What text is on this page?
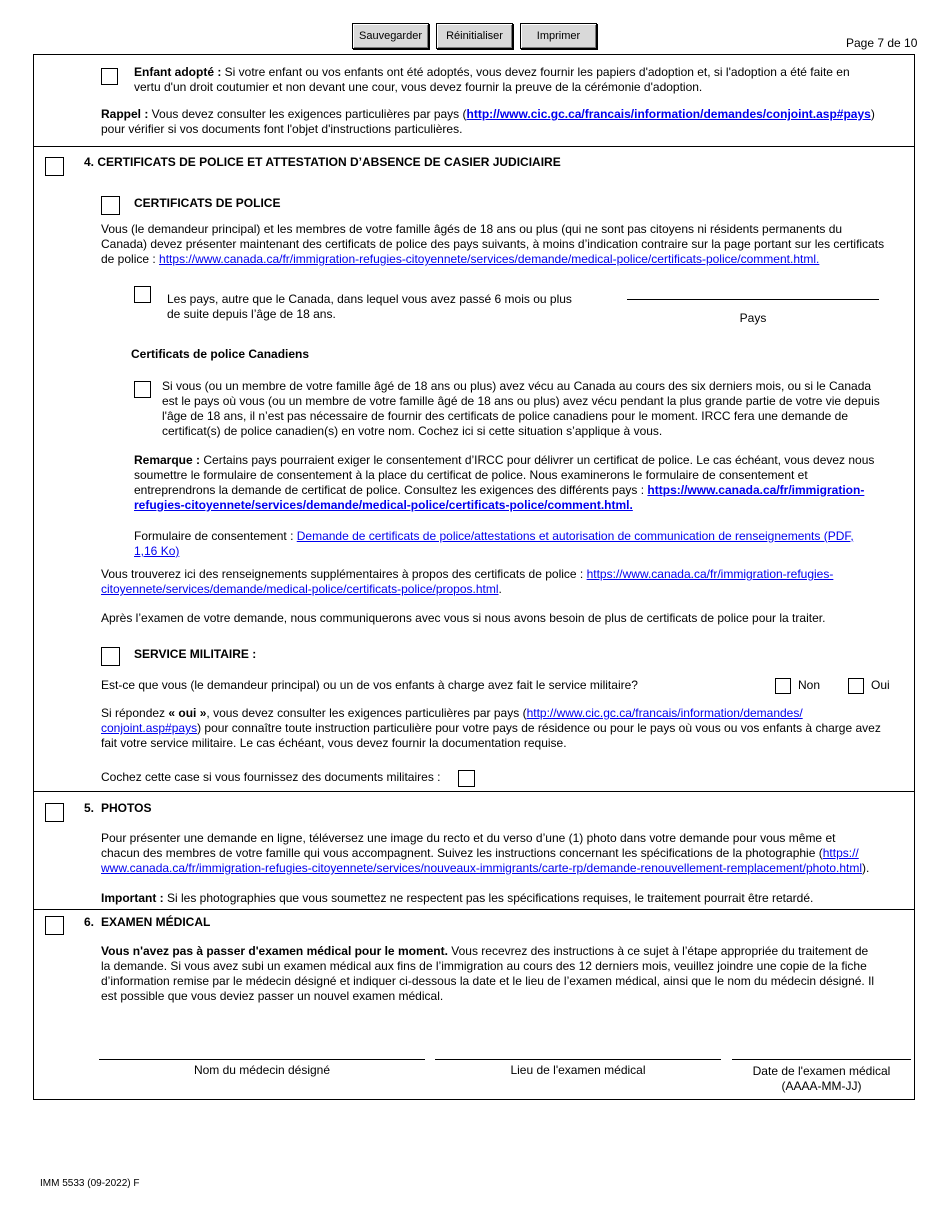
Sauvegarder	Réinitialiser	Imprimer	Page 7 de 10
Enfant adopté : Si votre enfant ou vos enfants ont été adoptés, vous devez fournir les papiers d'adoption et, si l'adoption a été faite en
vertu d'un droit coutumier et non devant une cour, vous devez fournir la preuve de la cérémonie d'adoption.
Rappel : Vous devez consulter les exigences particulières par pays (http://www.cic.gc.ca/francais/information/demandes/conjoint.asp#pays)
pour vérifier si vos documents font l'objet d'instructions particulières.
4. CERTIFICATS DE POLICE ET ATTESTATION D’ABSENCE DE CASIER JUDICIAIRE
CERTIFICATS DE POLICE
Vous (le demandeur principal) et les membres de votre famille âgés de 18 ans ou plus (qui ne sont pas citoyens ni résidents permanents du
Canada) devez présenter maintenant des certificats de police des pays suivants, à moins d’indication contraire sur la page portant sur les certificats
de police : https://www.canada.ca/fr/immigration-refugies-citoyennete/services/demande/medical-police/certificats-police/comment.html.
Les pays, autre que le Canada, dans lequel vous avez passé 6 mois ou plus
de suite depuis l’âge de 18 ans.	Pays
Certificats de police Canadiens
Si vous (ou un membre de votre famille âgé de 18 ans ou plus) avez vécu au Canada au cours des six derniers mois, ou si le Canada
est le pays où vous (ou un membre de votre famille âgé de 18 ans ou plus) avez vécu pendant la plus grande partie de votre vie depuis
l'âge de 18 ans, il n’est pas nécessaire de fournir des certificats de police canadiens pour le moment. IRCC fera une demande de
certificat(s) de police canadien(s) en votre nom. Cochez ici si cette situation s’applique à vous.
Remarque : Certains pays pourraient exiger le consentement d’IRCC pour délivrer un certificat de police. Le cas échéant, vous devez nous
soumettre le formulaire de consentement à la place du certificat de police. Nous examinerons le formulaire de consentement et
entreprendrons la demande de certificat de police. Consultez les exigences des différents pays : https://www.canada.ca/fr/immigration-
refugies-citoyennete/services/demande/medical-police/certificats-police/comment.html.
Formulaire de consentement : Demande de certificats de police/attestations et autorisation de communication de renseignements (PDF,
1,16 Ko)
Vous trouverez ici des renseignements supplémentaires à propos des certificats de police : https://www.canada.ca/fr/immigration-refugies-
citoyennete/services/demande/medical-police/certificats-police/propos.html.
Après l’examen de votre demande, nous communiquerons avec vous si nous avons besoin de plus de certificats de police pour la traiter.
SERVICE MILITAIRE :
Est-ce que vous (le demandeur principal) ou un de vos enfants à charge avez fait le service militaire?	Non	Oui
Si répondez « oui », vous devez consulter les exigences particulières par pays (http://www.cic.gc.ca/francais/information/demandes/
conjoint.asp#pays) pour connaître toute instruction particulière pour votre pays de résidence ou pour le pays où vous ou vos enfants à charge avez
fait votre service militaire. Le cas échéant, vous devez fournir la documentation requise.
Cochez cette case si vous fournissez des documents militaires :
5. PHOTOS
Pour présenter une demande en ligne, téléversez une image du recto et du verso d’une (1) photo dans votre demande pour vous même et
chacun des membres de votre famille qui vous accompagnent. Suivez les instructions concernant les spécifications de la photographie (https://
www.canada.ca/fr/immigration-refugies-citoyennete/services/nouveaux-immigrants/carte-rp/demande-renouvellement-remplacement/photo.html).
Important : Si les photographies que vous soumettez ne respectent pas les spécifications requises, le traitement pourrait être retardé.
6. EXAMEN MÉDICAL
Vous n'avez pas à passer d'examen médical pour le moment. Vous recevrez des instructions à ce sujet à l’étape appropriée du traitement de
la demande. Si vous avez subi un examen médical aux fins de l’immigration au cours des 12 derniers mois, veuillez joindre une copie de la fiche
d’information remise par le médecin désigné et indiquer ci-dessous la date et le lieu de l’examen médical, ainsi que le nom du médecin désigné. Il
est possible que vous deviez passer un nouvel examen médical.
Nom du médecin désigné	Lieu de l'examen médical	Date de l'examen médical
(AAAA-MM-JJ)
IMM 5533 (09-2022) F
